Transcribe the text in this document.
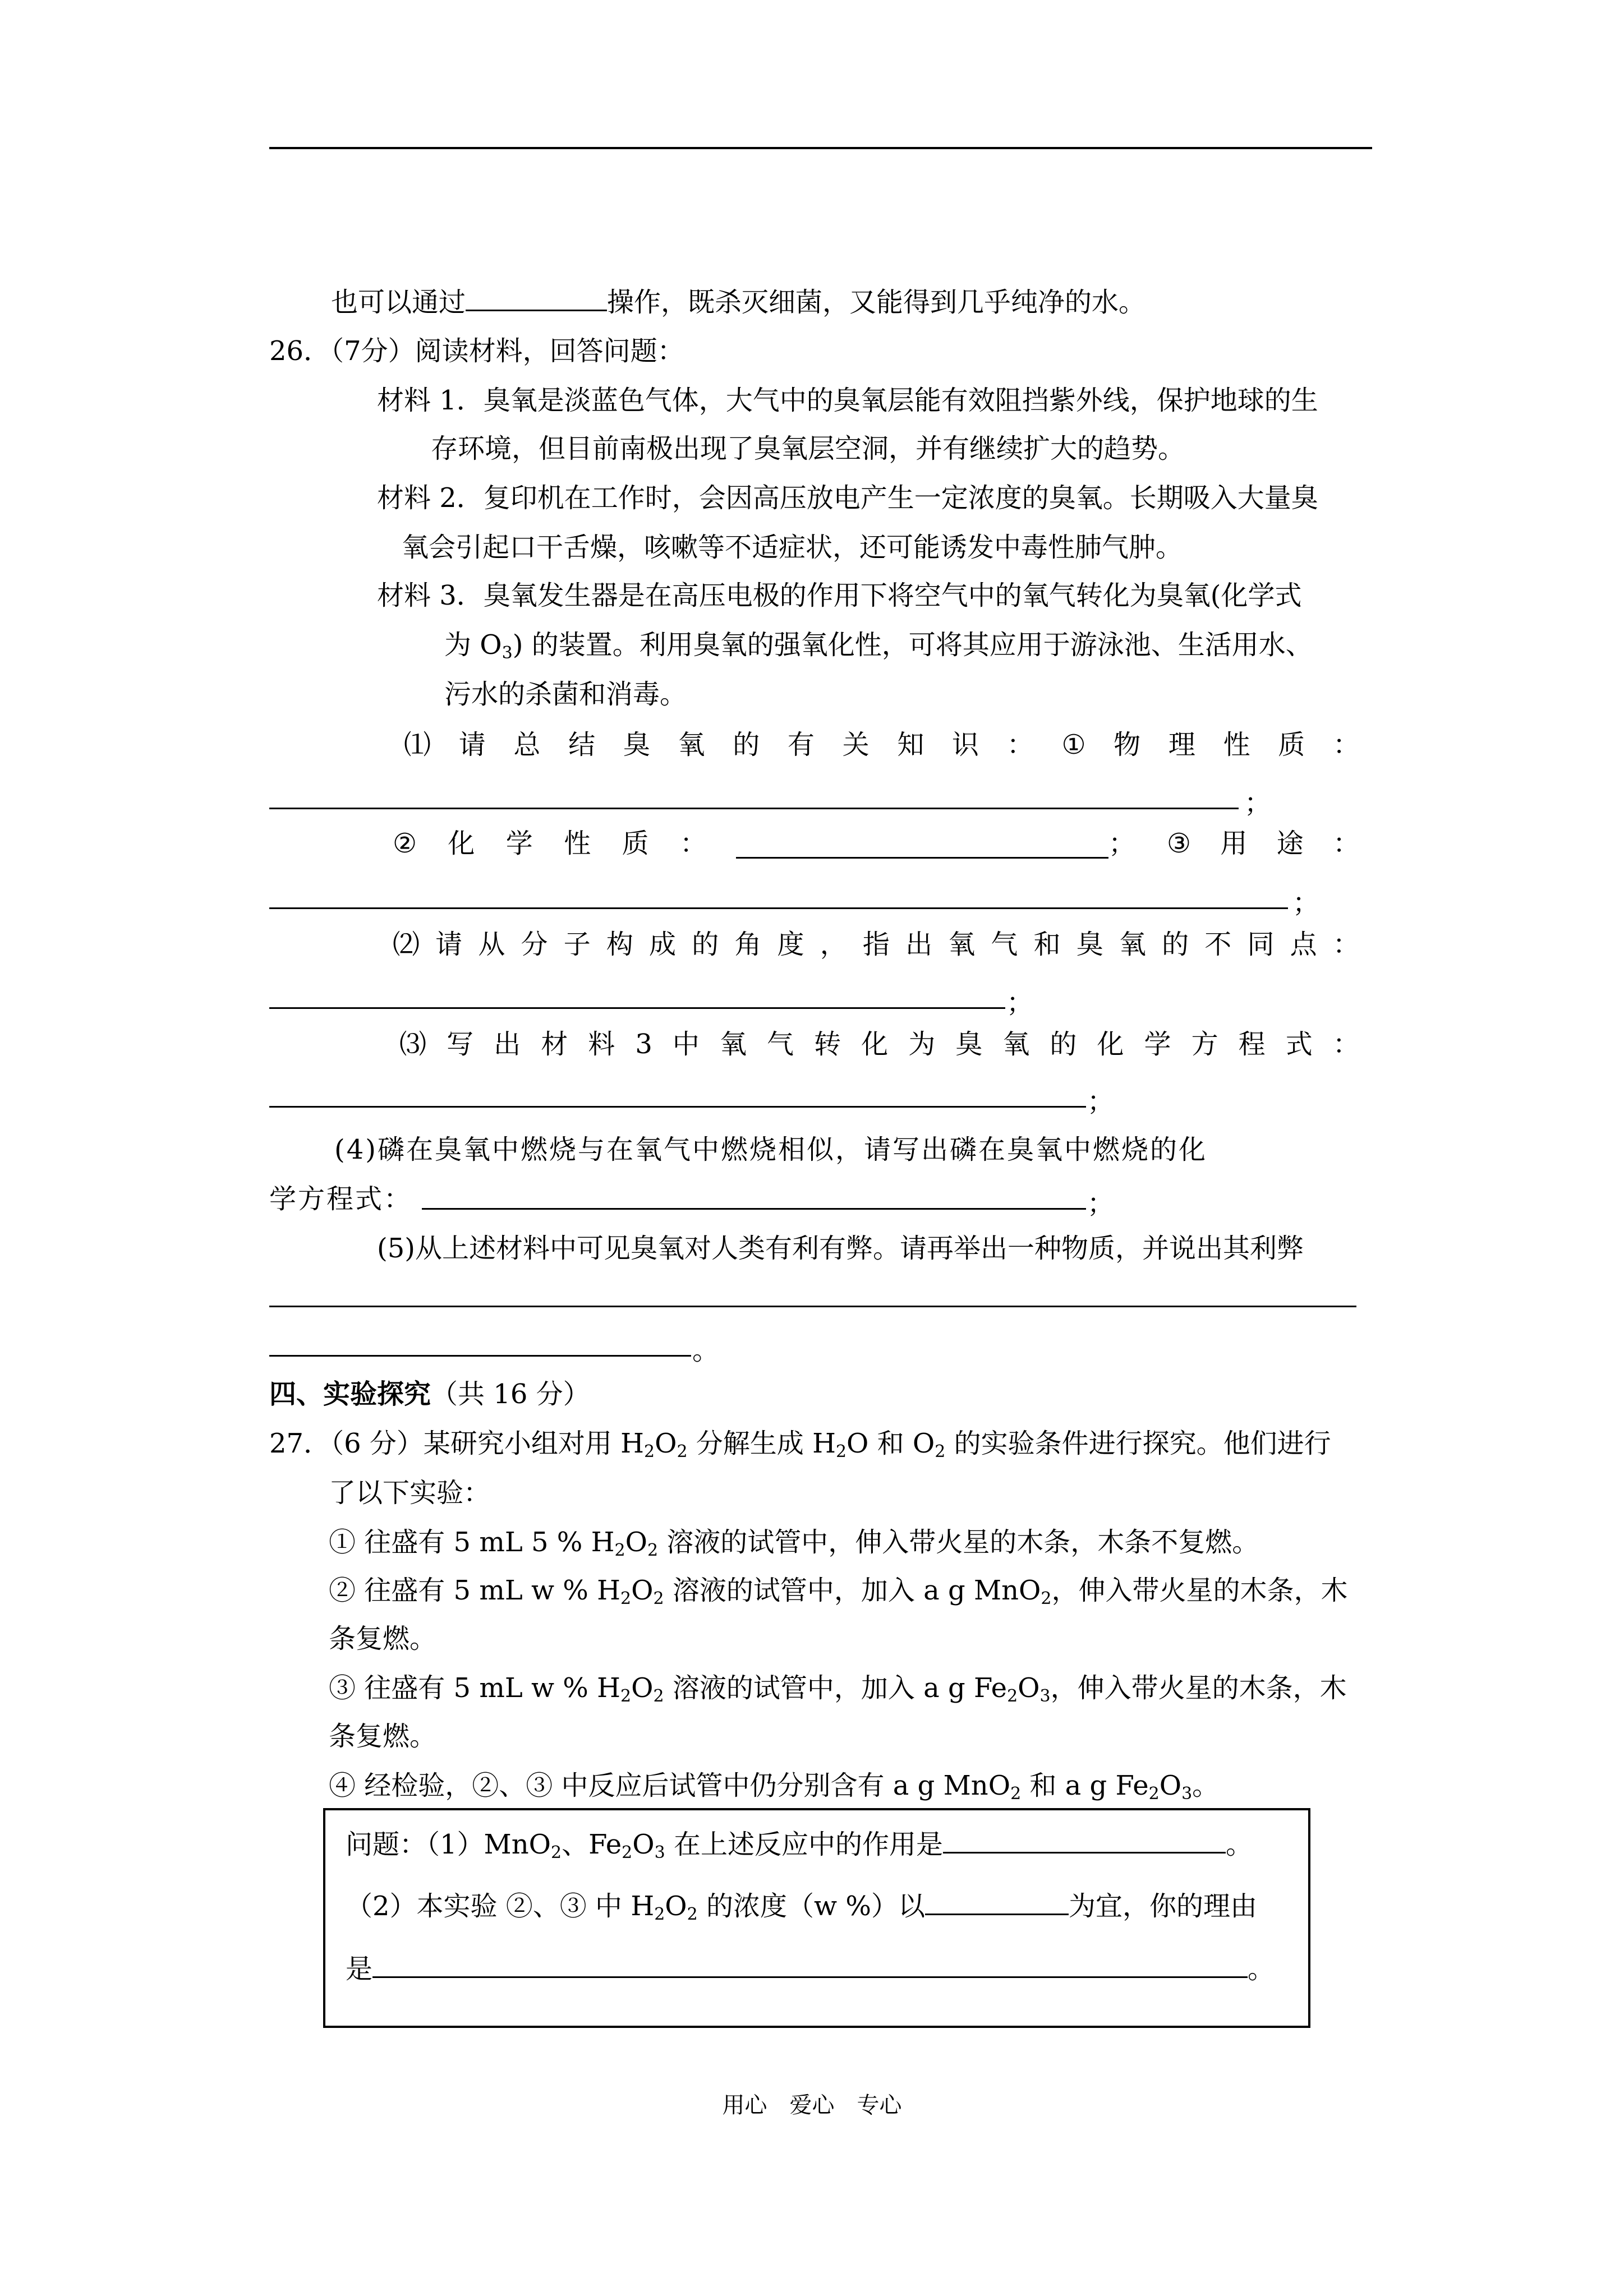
也可以通过	操作，既杀灭细菌，又能得到几乎纯净的水。
26．（7分）阅读材料，回答问题：
材料 1．臭氧是淡蓝色气体，大气中的臭氧层能有效阻挡紫外线，保护地球的生
存环境，但目前南极出现了臭氧层空洞，并有继续扩大的趋势。
材料 2．复印机在工作时，会因高压放电产生一定浓度的臭氧。长期吸入大量臭
氧会引起口干舌燥，咳嗽等不适症状，还可能诱发中毒性肺气肿。
材料 3．臭氧发生器是在高压电极的作用下将空气中的氧气转化为臭氧(化学式
为 $O_3$) 的装置。利用臭氧的强氧化性，可将其应用于游泳池、生活用水、
污水的杀菌和消毒。
⑴ 请 总 结 臭 氧 的 有 关 知 识 ： ① 物 理 性 质 ：
；
② 化 学 性 质 ：	； ③ 用 途 ：
；
⑵ 请 从 分 子 构 成 的 角 度 ， 指 出 氧 气 和 臭 氧 的 不 同 点 ：
；
⑶ 写 出 材 料 3 中 氧 气 转 化 为 臭 氧 的 化 学 方 程 式 ：
；
(4)磷在臭氧中燃烧与在氧气中燃烧相似，请写出磷在臭氧中燃烧的化
学方程式：	；
(5)从上述材料中可见臭氧对人类有利有弊。请再举出一种物质，并说出其利弊
。
四、实验探究（共 16 分）
27．（6 分）某研究小组对用 $H_2O_2$ 分解生成 $H_2O$ 和 $O_2$ 的实验条件进行探究。他们进行
了以下实验：
① 往盛有 5 mL 5 % $H_2O_2$ 溶液的试管中，伸入带火星的木条，木条不复燃。
② 往盛有 5 mL w % $H_2O_2$ 溶液的试管中，加入 a g MnO$_2$，伸入带火星的木条，木
条复燃。
③ 往盛有 5 mL w % $H_2O_2$ 溶液的试管中，加入 a g $Fe_2O_3$，伸入带火星的木条，木
条复燃。
④ 经检验，②、③ 中反应后试管中仍分别含有 a g MnO$_2$ 和 a g $Fe_2O_3$。
问题：（1）MnO$_2$、$Fe_2O_3$ 在上述反应中的作用是	。
（2）本实验 ②、③ 中 $H_2O_2$ 的浓度（w %）以	为宜，你的理由
是	。
用心　爱心　专心
